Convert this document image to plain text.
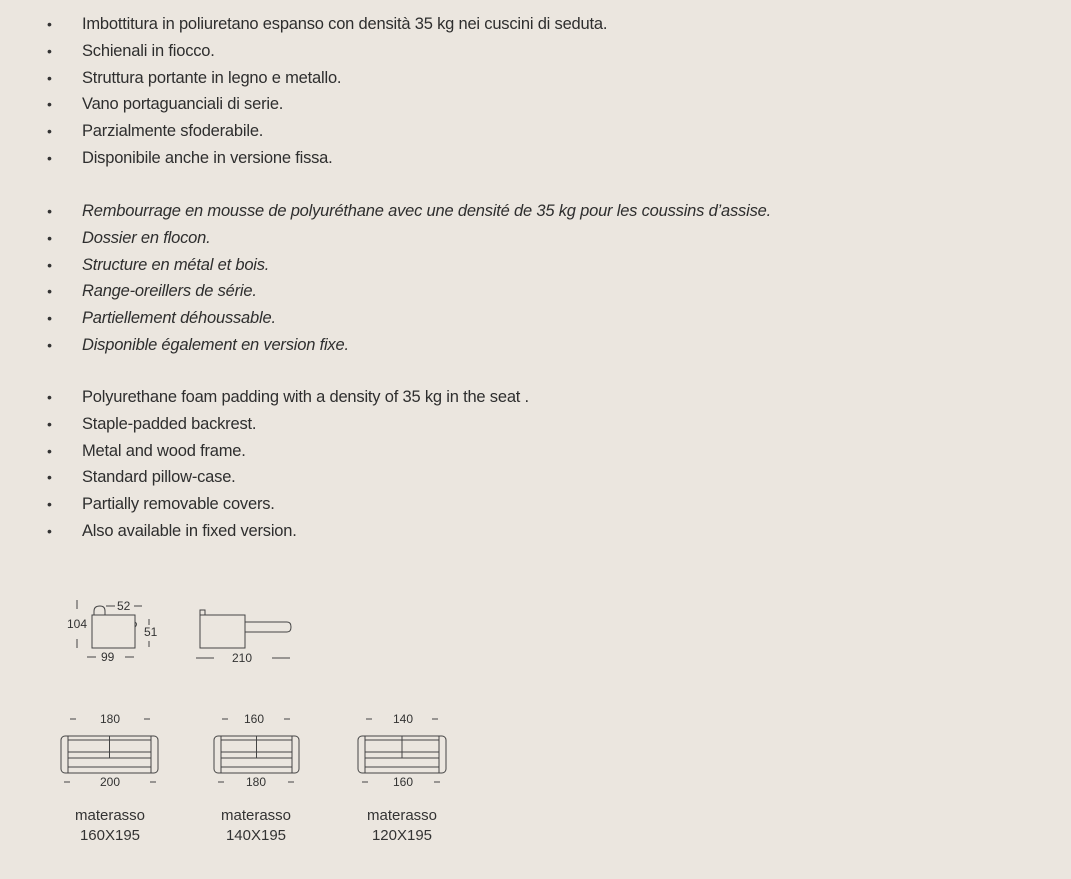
• Imbottitura in poliuretano espanso con densità 35 kg nei cuscini di seduta.
• Schienali in fiocco.
• Struttura portante in legno e metallo.
• Vano portaguanciali di serie.
• Parzialmente sfoderabile.
• Disponibile anche in versione fissa.
• Rembourrage en mousse de polyuréthane avec une densité de 35 kg pour les coussins d’assise.
• Dossier en flocon.
• Structure en métal et bois.
• Range-oreillers de série.
• Partiellement déhoussable.
• Disponible également en version fixe.
• Polyurethane foam padding with a density of 35 kg in the seat .
• Staple-padded backrest.
• Metal and wood frame.
• Standard pillow-case.
• Partially removable covers.
• Also available in fixed version.
104
52
51
99	210
180
200
materasso
160X195
160
180
materasso
140X195
140
160
materasso
120X195
